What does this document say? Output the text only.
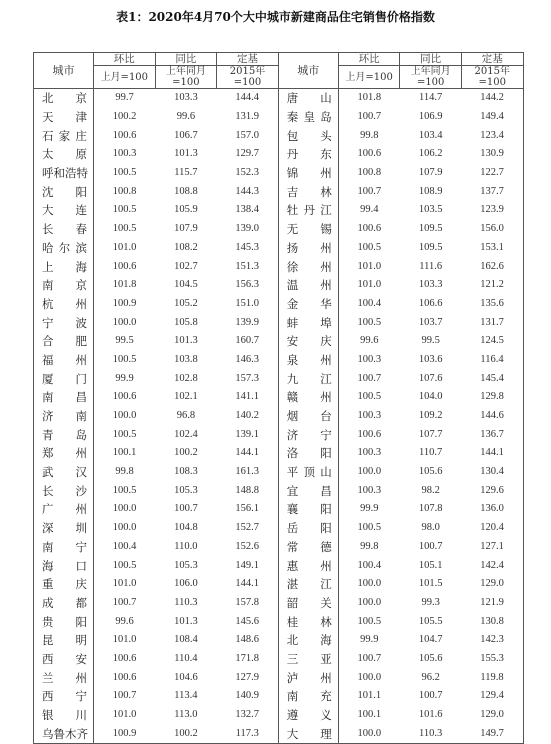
表1：2020年4月70个大中城市新建商品住宅销售价格指数
城市	环比	同比	定基	城市	环比	同比	定基
	上月=100	上年同月=100	2015年=100		上月=100	上年同月=100	2015年=100
北　京	99.7	103.3	144.4	唐　山	101.8	114.7	144.2
天　津	100.2	99.6	131.9	秦皇岛	100.7	106.9	149.4
石家庄	100.6	106.7	157.0	包　头	99.8	103.4	123.4
太　原	100.3	101.3	129.7	丹　东	100.6	106.2	130.9
呼和浩特	100.5	115.7	152.3	锦　州	100.8	107.9	122.7
沈　阳	100.8	108.8	144.3	吉　林	100.7	108.9	137.7
大　连	100.5	105.9	138.4	牡丹江	99.4	103.5	123.9
长　春	100.5	107.9	139.0	无　锡	100.6	109.5	156.0
哈尔滨	101.0	108.2	145.3	扬　州	100.5	109.5	153.1
上　海	100.6	102.7	151.3	徐　州	101.0	111.6	162.6
南　京	101.8	104.5	156.3	温　州	101.0	103.3	121.2
杭　州	100.9	105.2	151.0	金　华	100.4	106.6	135.6
宁　波	100.0	105.8	139.9	蚌　埠	100.5	103.7	131.7
合　肥	99.5	101.3	160.7	安　庆	99.6	99.5	124.5
福　州	100.5	103.8	146.3	泉　州	100.3	103.6	116.4
厦　门	99.9	102.8	157.3	九　江	100.7	107.6	145.4
南　昌	100.6	102.1	141.1	赣　州	100.5	104.0	129.8
济　南	100.0	96.8	140.2	烟　台	100.3	109.2	144.6
青　岛	100.5	102.4	139.1	济　宁	100.6	107.7	136.7
郑　州	100.1	100.2	144.1	洛　阳	100.3	110.7	144.1
武　汉	99.8	108.3	161.3	平顶山	100.0	105.6	130.4
长　沙	100.5	105.3	148.8	宜　昌	100.3	98.2	129.6
广　州	100.0	100.7	156.1	襄　阳	99.9	107.8	136.0
深　圳	100.0	104.8	152.7	岳　阳	100.5	98.0	120.4
南　宁	100.4	110.0	152.6	常　德	99.8	100.7	127.1
海　口	100.5	105.3	149.1	惠　州	100.4	105.1	142.4
重　庆	101.0	106.0	144.1	湛　江	100.0	101.5	129.0
成　都	100.7	110.3	157.8	韶　关	100.0	99.3	121.9
贵　阳	99.6	101.3	145.6	桂　林	100.5	105.5	130.8
昆　明	101.0	108.4	148.6	北　海	99.9	104.7	142.3
西　安	100.6	110.4	171.8	三　亚	100.7	105.6	155.3
兰　州	100.6	104.6	127.9	泸　州	100.0	96.2	119.8
西　宁	100.7	113.4	140.9	南　充	101.1	100.7	129.4
银　川	101.0	113.0	132.7	遵　义	100.1	101.6	129.0
乌鲁木齐	100.9	100.2	117.3	大　理	100.0	110.3	149.7
